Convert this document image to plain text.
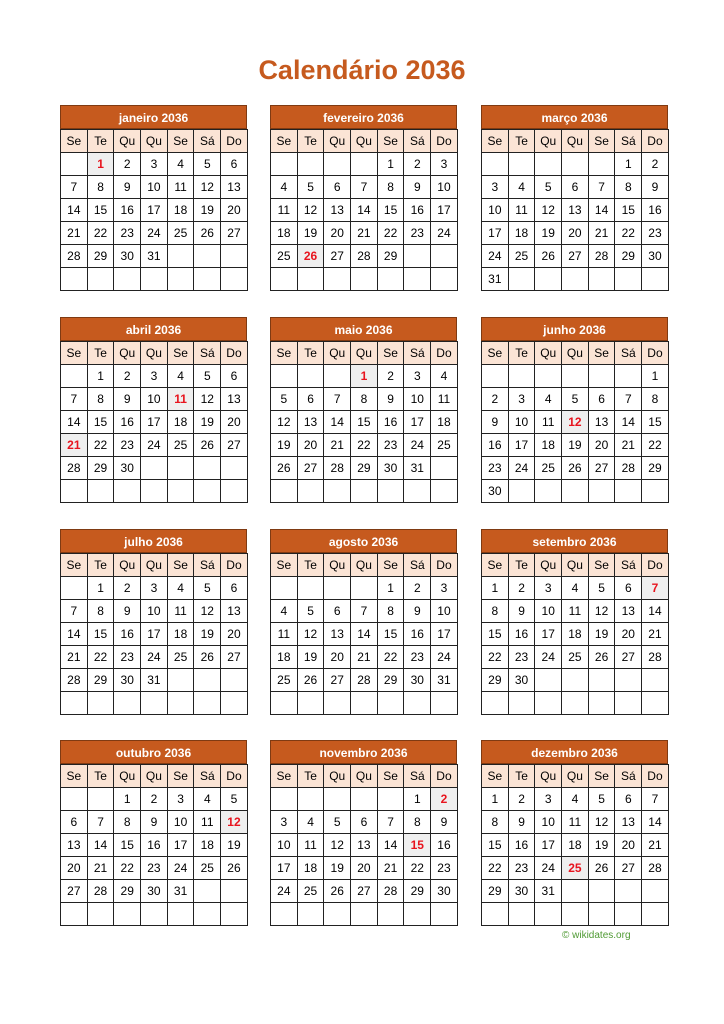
Calendário 2036
janeiro 2036
Se	Te	Qu	Qu	Se	Sá	Do
	1	2	3	4	5	6
7	8	9	10	11	12	13
14	15	16	17	18	19	20
21	22	23	24	25	26	27
28	29	30	31			

fevereiro 2036
Se	Te	Qu	Qu	Se	Sá	Do
				1	2	3
4	5	6	7	8	9	10
11	12	13	14	15	16	17
18	19	20	21	22	23	24
25	26	27	28	29		

março 2036
Se	Te	Qu	Qu	Se	Sá	Do
					1	2
3	4	5	6	7	8	9
10	11	12	13	14	15	16
17	18	19	20	21	22	23
24	25	26	27	28	29	30
31						
abril 2036
Se	Te	Qu	Qu	Se	Sá	Do
	1	2	3	4	5	6
7	8	9	10	11	12	13
14	15	16	17	18	19	20
21	22	23	24	25	26	27
28	29	30				

maio 2036
Se	Te	Qu	Qu	Se	Sá	Do
			1	2	3	4
5	6	7	8	9	10	11
12	13	14	15	16	17	18
19	20	21	22	23	24	25
26	27	28	29	30	31	

junho 2036
Se	Te	Qu	Qu	Se	Sá	Do
						1
2	3	4	5	6	7	8
9	10	11	12	13	14	15
16	17	18	19	20	21	22
23	24	25	26	27	28	29
30						
julho 2036
Se	Te	Qu	Qu	Se	Sá	Do
	1	2	3	4	5	6
7	8	9	10	11	12	13
14	15	16	17	18	19	20
21	22	23	24	25	26	27
28	29	30	31			

agosto 2036
Se	Te	Qu	Qu	Se	Sá	Do
				1	2	3
4	5	6	7	8	9	10
11	12	13	14	15	16	17
18	19	20	21	22	23	24
25	26	27	28	29	30	31

setembro 2036
Se	Te	Qu	Qu	Se	Sá	Do
1	2	3	4	5	6	7
8	9	10	11	12	13	14
15	16	17	18	19	20	21
22	23	24	25	26	27	28
29	30					

outubro 2036
Se	Te	Qu	Qu	Se	Sá	Do
		1	2	3	4	5
6	7	8	9	10	11	12
13	14	15	16	17	18	19
20	21	22	23	24	25	26
27	28	29	30	31		

novembro 2036
Se	Te	Qu	Qu	Se	Sá	Do
					1	2
3	4	5	6	7	8	9
10	11	12	13	14	15	16
17	18	19	20	21	22	23
24	25	26	27	28	29	30

dezembro 2036
Se	Te	Qu	Qu	Se	Sá	Do
1	2	3	4	5	6	7
8	9	10	11	12	13	14
15	16	17	18	19	20	21
22	23	24	25	26	27	28
29	30	31				

© wikidates.org
